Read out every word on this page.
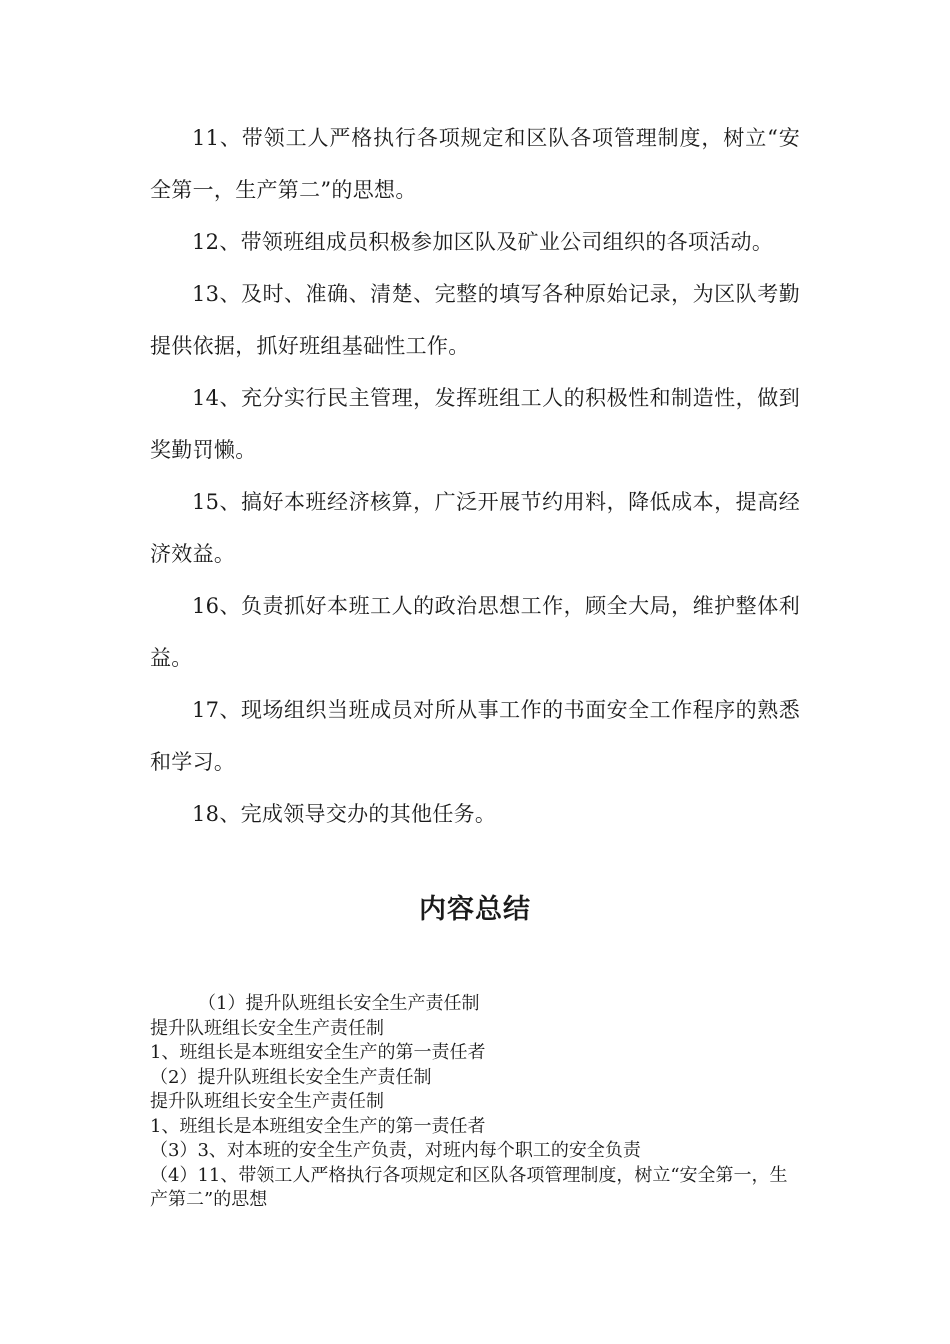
11、带领工人严格执行各项规定和区队各项管理制度，树立“安全第一，生产第二”的思想。

12、带领班组成员积极参加区队及矿业公司组织的各项活动。

13、及时、准确、清楚、完整的填写各种原始记录，为区队考勤提供依据，抓好班组基础性工作。

14、充分实行民主管理，发挥班组工人的积极性和制造性，做到奖勤罚懒。

15、搞好本班经济核算，广泛开展节约用料，降低成本，提高经济效益。

16、负责抓好本班工人的政治思想工作，顾全大局，维护整体利益。

17、现场组织当班成员对所从事工作的书面安全工作程序的熟悉和学习。

18、完成领导交办的其他任务。

内容总结

（1）提升队班组长安全生产责任制

提升队班组长安全生产责任制

1、班组长是本班组安全生产的第一责任者

（2）提升队班组长安全生产责任制

提升队班组长安全生产责任制

1、班组长是本班组安全生产的第一责任者

（3）3、对本班的安全生产负责，对班内每个职工的安全负责

（4）11、带领工人严格执行各项规定和区队各项管理制度，树立“安全第一，生产第二”的思想
